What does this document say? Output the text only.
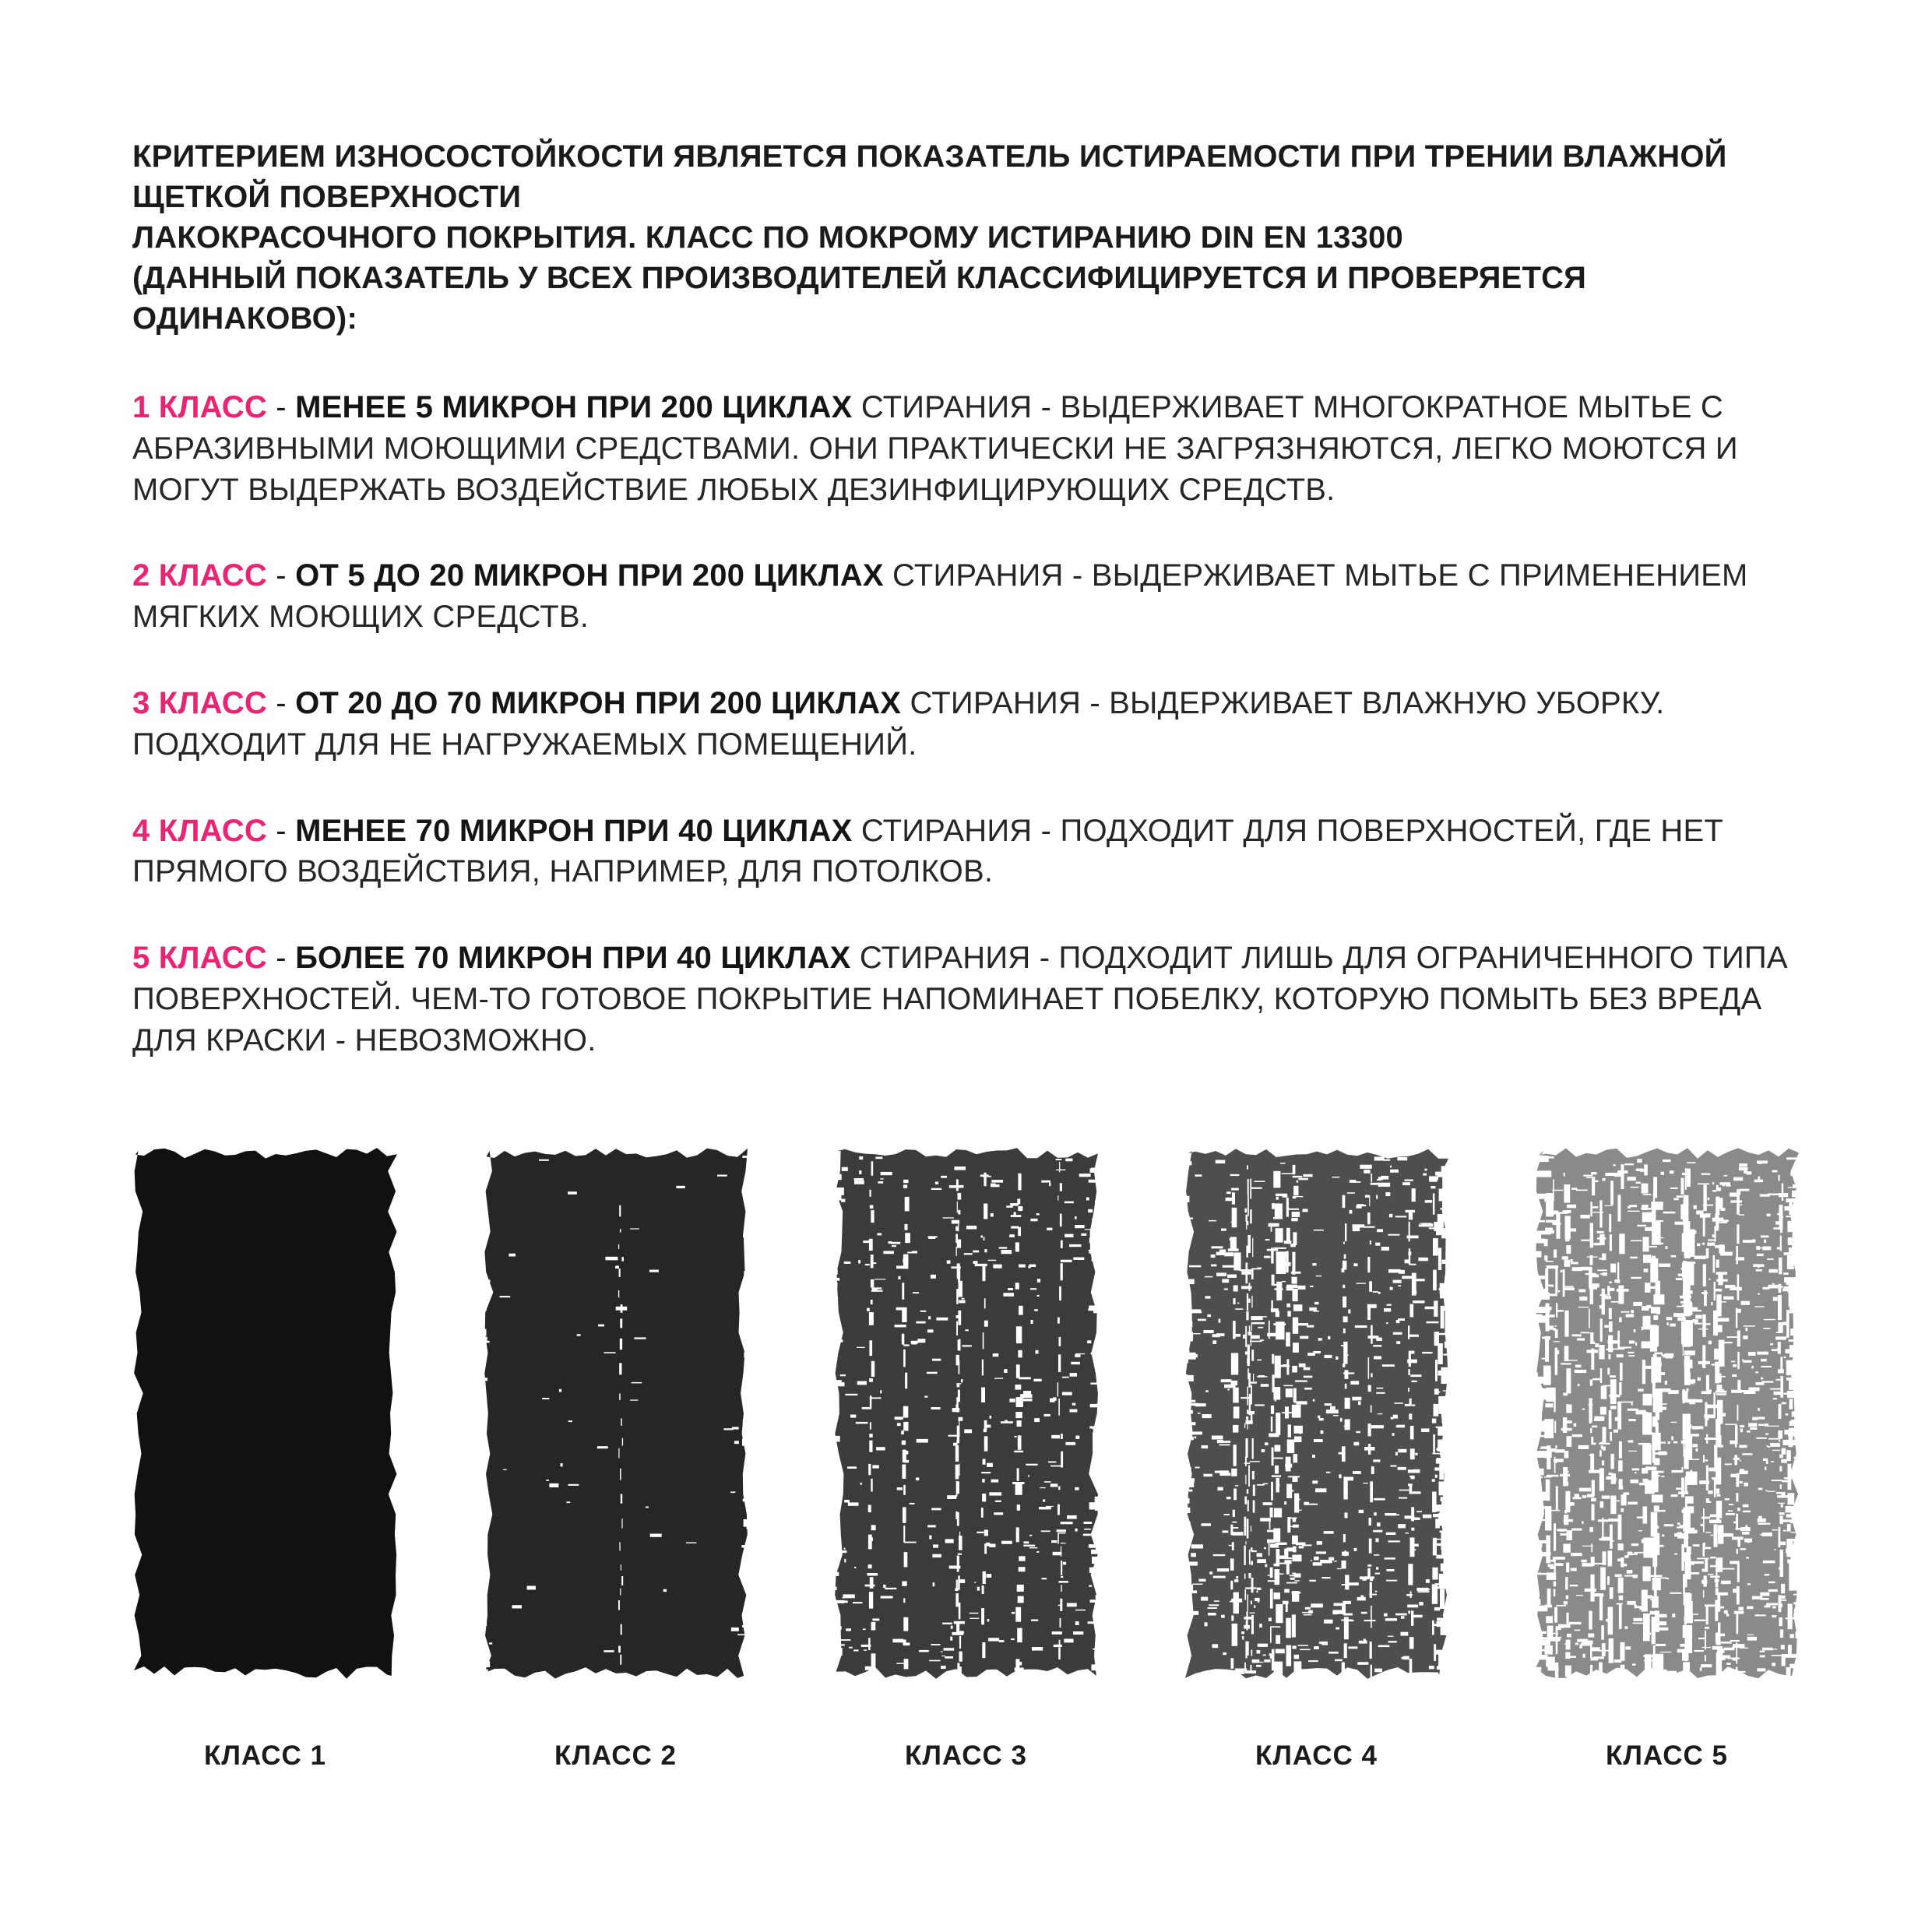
КРИТЕРИЕМ ИЗНОСОСТОЙКОСТИ ЯВЛЯЕТСЯ ПОКАЗАТЕЛЬ ИСТИРАЕМОСТИ ПРИ ТРЕНИИ ВЛАЖНОЙ ЩЕТКОЙ ПОВЕРХНОСТИ
ЛАКОКРАСОЧНОГО ПОКРЫТИЯ. КЛАСС ПО МОКРОМУ ИСТИРАНИЮ DIN EN 13300
(ДАННЫЙ ПОКАЗАТЕЛЬ У ВСЕХ ПРОИЗВОДИТЕЛЕЙ КЛАССИФИЦИРУЕТСЯ И ПРОВЕРЯЕТСЯ ОДИНАКОВО):

1 КЛАСС - МЕНЕЕ 5 МИКРОН ПРИ 200 ЦИКЛАХ СТИРАНИЯ - ВЫДЕРЖИВАЕТ МНОГОКРАТНОЕ МЫТЬЕ С АБРАЗИВНЫМИ МОЮЩИМИ СРЕДСТВАМИ. ОНИ ПРАКТИЧЕСКИ НЕ ЗАГРЯЗНЯЮТСЯ, ЛЕГКО МОЮТСЯ И МОГУТ ВЫДЕРЖАТЬ ВОЗДЕЙСТВИЕ ЛЮБЫХ ДЕЗИНФИЦИРУЮЩИХ СРЕДСТВ.

2 КЛАСС - ОТ 5 ДО 20 МИКРОН ПРИ 200 ЦИКЛАХ СТИРАНИЯ - ВЫДЕРЖИВАЕТ МЫТЬЕ С ПРИМЕНЕНИЕМ МЯГКИХ МОЮЩИХ СРЕДСТВ.

3 КЛАСС - ОТ 20 ДО 70 МИКРОН ПРИ 200 ЦИКЛАХ СТИРАНИЯ - ВЫДЕРЖИВАЕТ ВЛАЖНУЮ УБОРКУ. ПОДХОДИТ ДЛЯ НЕ НАГРУЖАЕМЫХ ПОМЕЩЕНИЙ.

4 КЛАСС - МЕНЕЕ 70 МИКРОН ПРИ 40 ЦИКЛАХ СТИРАНИЯ - ПОДХОДИТ ДЛЯ ПОВЕРХНОСТЕЙ, ГДЕ НЕТ ПРЯМОГО ВОЗДЕЙСТВИЯ, НАПРИМЕР, ДЛЯ ПОТОЛКОВ.

5 КЛАСС - БОЛЕЕ 70 МИКРОН ПРИ 40 ЦИКЛАХ СТИРАНИЯ - ПОДХОДИТ ЛИШЬ ДЛЯ ОГРАНИЧЕННОГО ТИПА ПОВЕРХНОСТЕЙ. ЧЕМ-ТО ГОТОВОЕ ПОКРЫТИЕ НАПОМИНАЕТ ПОБЕЛКУ, КОТОРУЮ ПОМЫТЬ БЕЗ ВРЕДА ДЛЯ КРАСКИ - НЕВОЗМОЖНО.

КЛАСС 1	КЛАСС 2	КЛАСС 3	КЛАСС 4	КЛАСС 5
